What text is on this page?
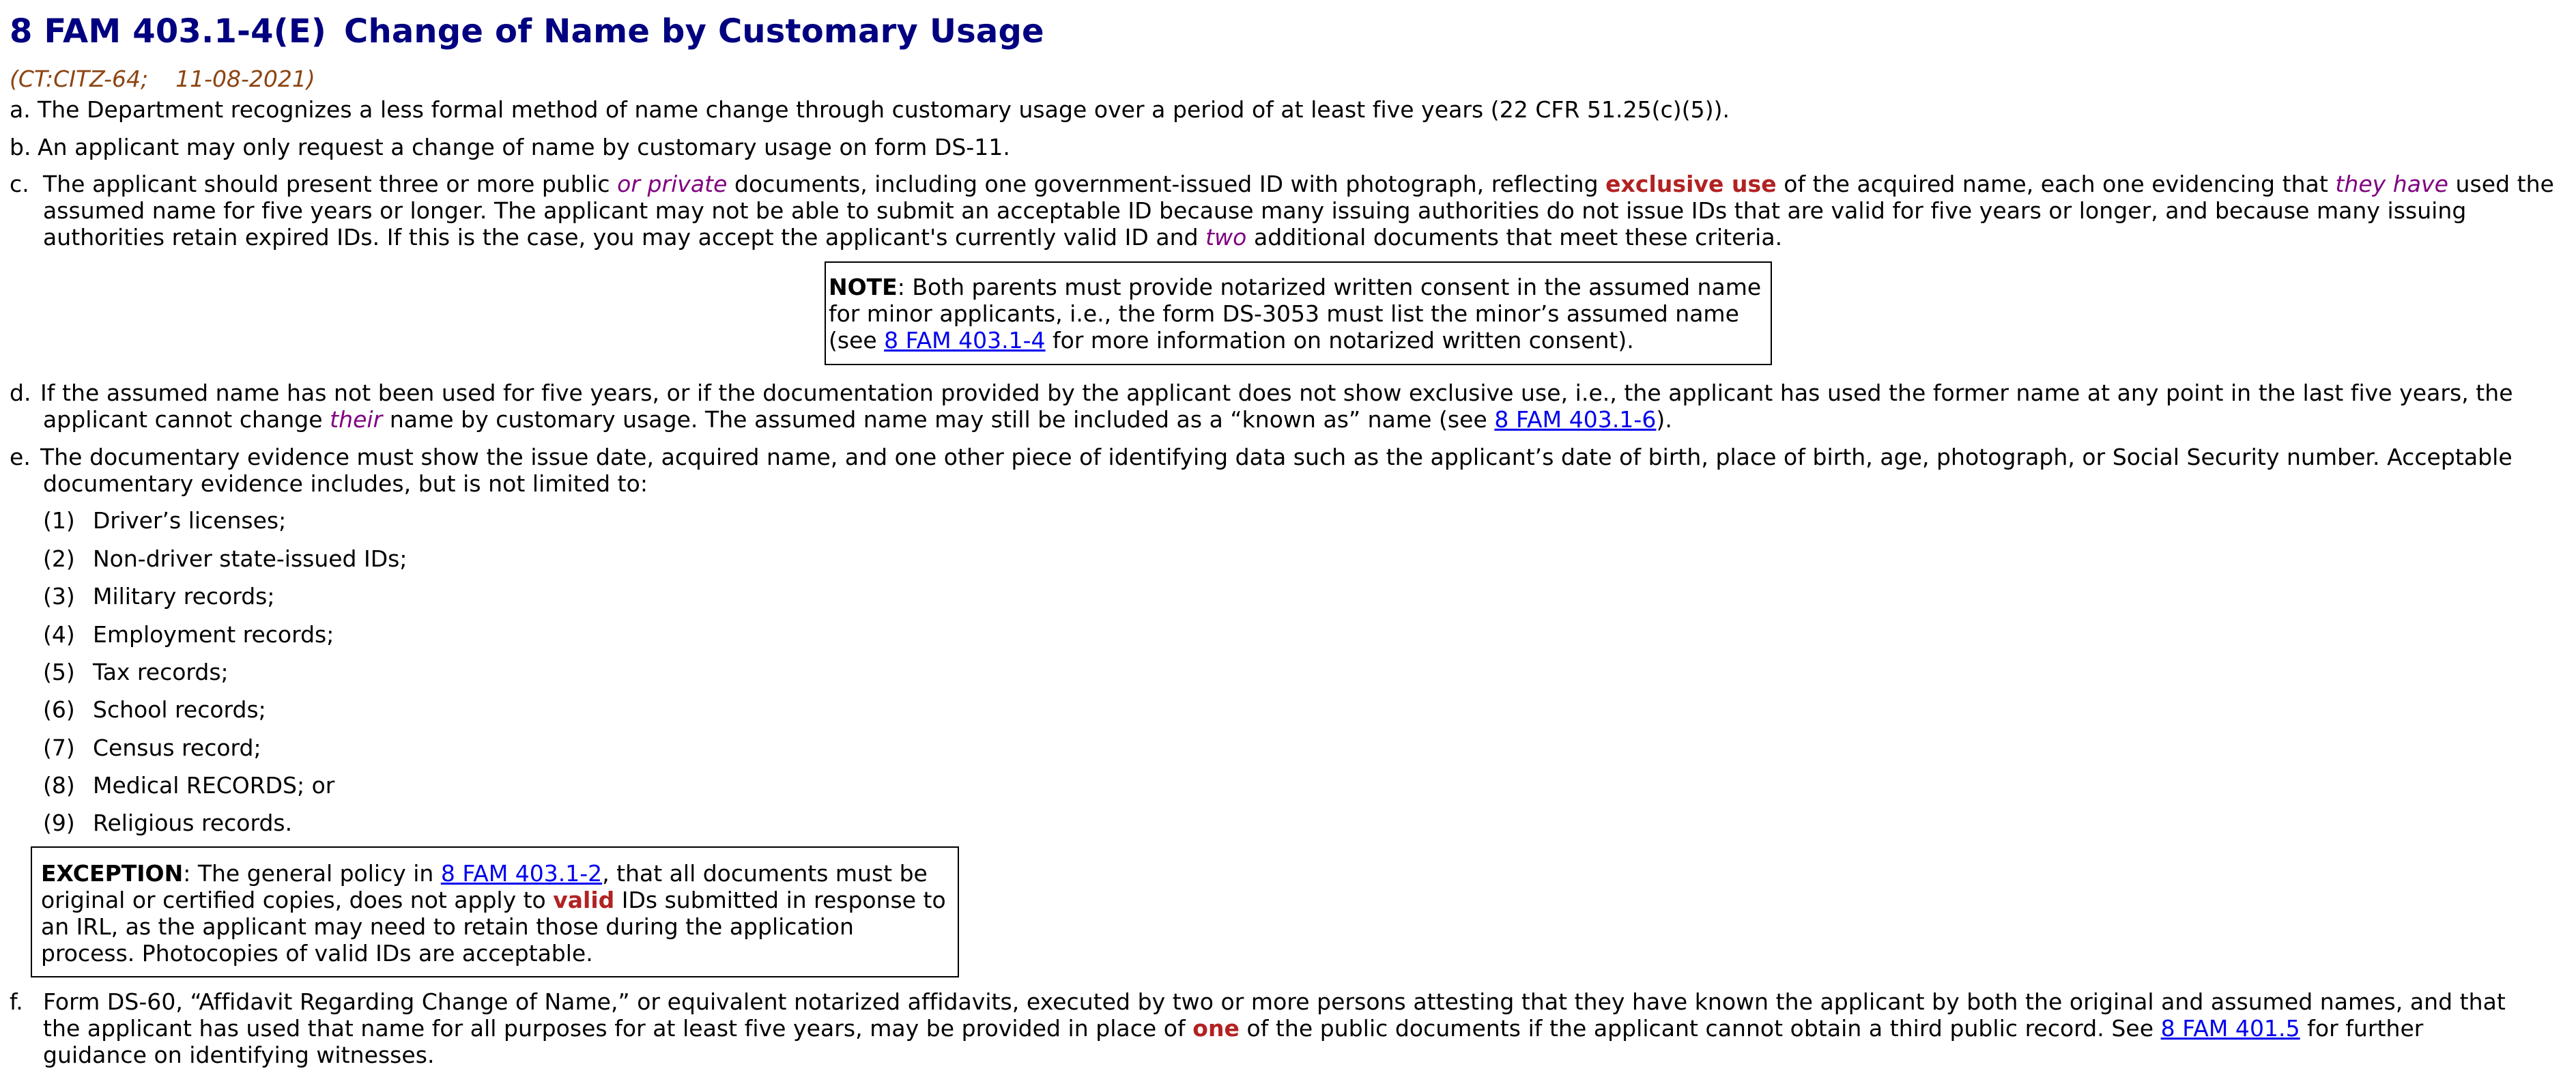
8 FAM 403.1-4(E) Change of Name by Customary Usage
(CT:CITZ-64; 11-08-2021)

a. The Department recognizes a less formal method of name change through customary usage over a period of at least five years (22 CFR 51.25(c)(5)).

b. An applicant may only request a change of name by customary usage on form DS-11.

c. The applicant should present three or more public or private documents, including one government-issued ID with photograph, reflecting exclusive use of the acquired name, each one evidencing that they have used the assumed name for five years or longer. The applicant may not be able to submit an acceptable ID because many issuing authorities do not issue IDs that are valid for five years or longer, and because many issuing authorities retain expired IDs. If this is the case, you may accept the applicant's currently valid ID and two additional documents that meet these criteria.

NOTE: Both parents must provide notarized written consent in the assumed name for minor applicants, i.e., the form DS-3053 must list the minor’s assumed name (see 8 FAM 403.1-4 for more information on notarized written consent).

d. If the assumed name has not been used for five years, or if the documentation provided by the applicant does not show exclusive use, i.e., the applicant has used the former name at any point in the last five years, the applicant cannot change their name by customary usage. The assumed name may still be included as a “known as” name (see 8 FAM 403.1-6).

e. The documentary evidence must show the issue date, acquired name, and one other piece of identifying data such as the applicant’s date of birth, place of birth, age, photograph, or Social Security number. Acceptable documentary evidence includes, but is not limited to:

(1) Driver’s licenses;
(2) Non-driver state-issued IDs;
(3) Military records;
(4) Employment records;
(5) Tax records;
(6) School records;
(7) Census record;
(8) Medical RECORDS; or
(9) Religious records.
EXCEPTION: The general policy in 8 FAM 403.1-2, that all documents must be original or certified copies, does not apply to valid IDs submitted in response to an IRL, as the applicant may need to retain those during the application process. Photocopies of valid IDs are acceptable.

f. Form DS-60, “Affidavit Regarding Change of Name,” or equivalent notarized affidavits, executed by two or more persons attesting that they have known the applicant by both the original and assumed names, and that the applicant has used that name for all purposes for at least five years, may be provided in place of one of the public documents if the applicant cannot obtain a third public record. See 8 FAM 401.5 for further guidance on identifying witnesses.
